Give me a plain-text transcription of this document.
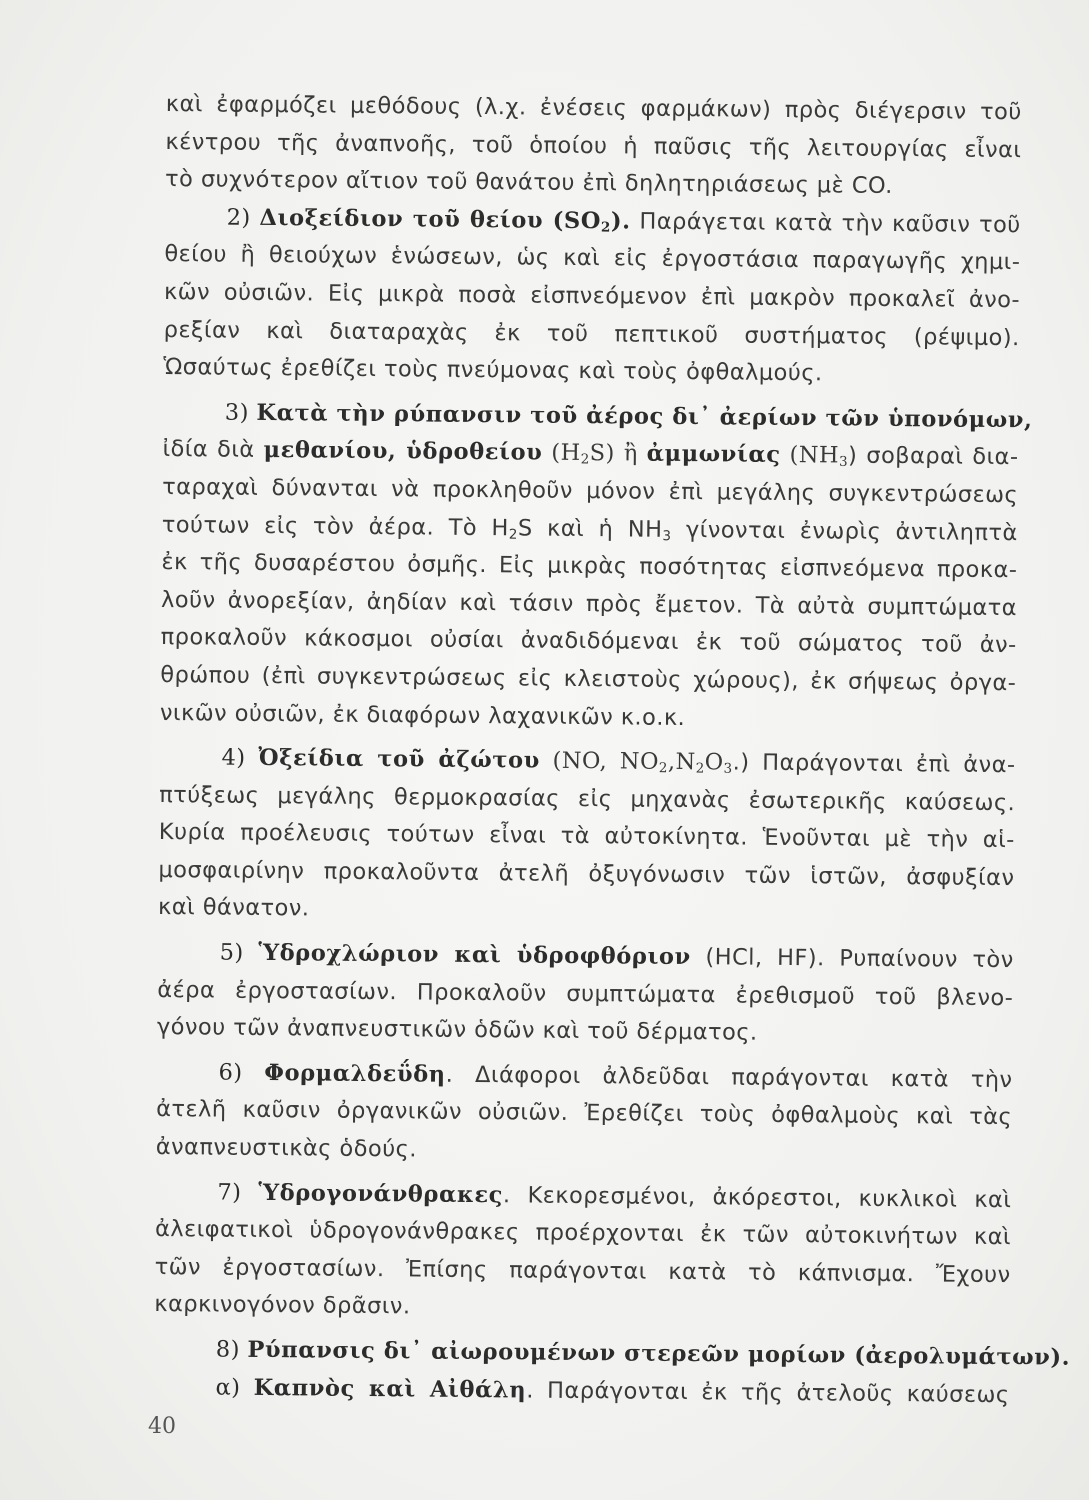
καὶ ἐφαρμόζει μεθόδους (λ.χ. ἐνέσεις φαρμάκων) πρὸς διέγερσιν τοῦ
κέντρου τῆς ἀναπνοῆς, τοῦ ὁποίου ἡ παῦσις τῆς λειτουργίας εἶναι
τὸ συχνότερον αἴτιον τοῦ θανάτου ἐπὶ δηλητηριάσεως μὲ CO.
2) Διοξείδιον τοῦ θείου $(SO_2)$. Παράγεται κατὰ τὴν καῦσιν τοῦ
θείου ἢ θειούχων ἑνώσεων, ὡς καὶ εἰς ἐργοστάσια παραγωγῆς χημι-
κῶν οὐσιῶν. Εἰς μικρὰ ποσὰ εἰσπνεόμενον ἐπὶ μακρὸν προκαλεῖ ἀνο-
ρεξίαν καὶ διαταραχὰς ἐκ τοῦ πεπτικοῦ συστήματος (ρέψιμο).
Ὡσαύτως ἐρεθίζει τοὺς πνεύμονας καὶ τοὺς ὀφθαλμούς.
3) Κατὰ τὴν ρύπανσιν τοῦ ἀέρος δι᾽ ἀερίων τῶν ὑπονόμων,
ἰδία διὰ μεθανίου, ὑδροθείου $(H_2S)$ ἢ ἀμμωνίας $(NH_3)$ σοβαραὶ δια-
ταραχαὶ δύνανται νὰ προκληθοῦν μόνον ἐπὶ μεγάλης συγκεντρώσεως
τούτων εἰς τὸν ἀέρα. Τὸ $H_2S$ καὶ ἡ $NH_3$ γίνονται ἐνωρὶς ἀντιληπτὰ
ἐκ τῆς δυσαρέστου ὀσμῆς. Εἰς μικρὰς ποσότητας εἰσπνεόμενα προκα-
λοῦν ἀνορεξίαν, ἀηδίαν καὶ τάσιν πρὸς ἔμετον. Τὰ αὐτὰ συμπτώματα
προκαλοῦν κάκοσμοι οὐσίαι ἀναδιδόμεναι ἐκ τοῦ σώματος τοῦ ἀν-
θρώπου (ἐπὶ συγκεντρώσεως εἰς κλειστοὺς χώρους), ἐκ σήψεως ὀργα-
νικῶν οὐσιῶν, ἐκ διαφόρων λαχανικῶν κ.ο.κ.
4) Ὀξείδια τοῦ ἀζώτου (NO, $NO_2,N_2O_3$.) Παράγονται ἐπὶ ἀνα-
πτύξεως μεγάλης θερμοκρασίας εἰς μηχανὰς ἐσωτερικῆς καύσεως.
Κυρία προέλευσις τούτων εἶναι τὰ αὐτοκίνητα. Ἑνοῦνται μὲ τὴν αἱ-
μοσφαιρίνην προκαλοῦντα ἀτελῆ ὀξυγόνωσιν τῶν ἱστῶν, ἀσφυξίαν
καὶ θάνατον.
5) Ὑδροχλώριον καὶ ὑδροφθόριον (HCl, HF). Ρυπαίνουν τὸν
ἀέρα ἐργοστασίων. Προκαλοῦν συμπτώματα ἐρεθισμοῦ τοῦ βλενο-
γόνου τῶν ἀναπνευστικῶν ὁδῶν καὶ τοῦ δέρματος.
6) Φορμαλδεΰδη. Διάφοροι ἀλδεῦδαι παράγονται κατὰ τὴν
ἀτελῆ καῦσιν ὀργανικῶν οὐσιῶν. Ἐρεθίζει τοὺς ὀφθαλμοὺς καὶ τὰς
ἀναπνευστικὰς ὁδούς.
7) Ὑδρογονάνθρακες. Κεκορεσμένοι, ἀκόρεστοι, κυκλικοὶ καὶ
ἀλειφατικοὶ ὑδρογονάνθρακες προέρχονται ἐκ τῶν αὐτοκινήτων καὶ
τῶν ἐργοστασίων. Ἐπίσης παράγονται κατὰ τὸ κάπνισμα. Ἔχουν
καρκινογόνον δρᾶσιν.
8) Ρύπανσις δι᾽ αἰωρουμένων στερεῶν μορίων (ἀερολυμάτων).
α) Καπνὸς καὶ Αἰθάλη. Παράγονται ἐκ τῆς ἀτελοῦς καύσεως
40
